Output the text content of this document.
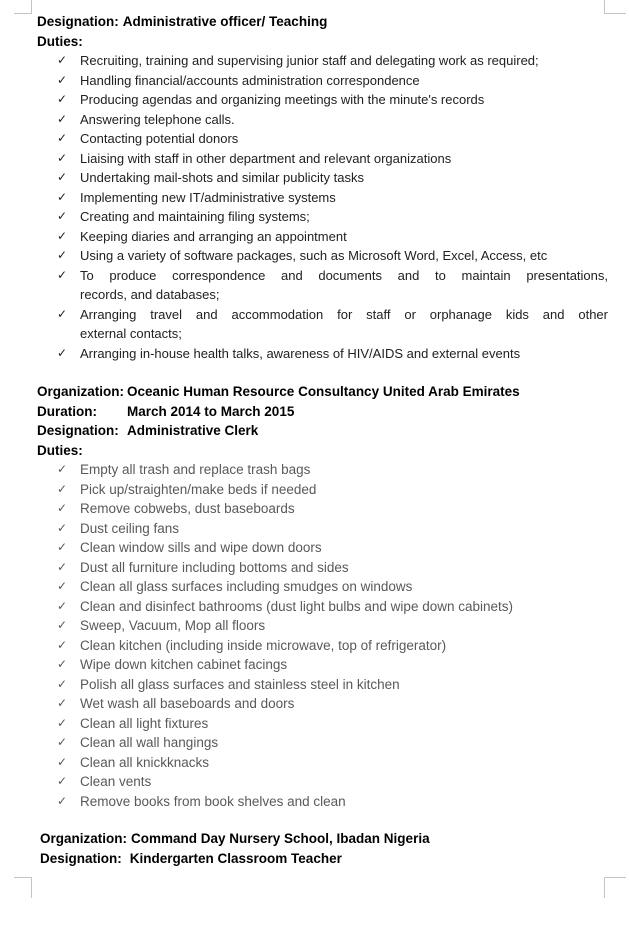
Designation: Administrative officer/ Teaching
Duties:
✓ Recruiting, training and supervising junior staff and delegating work as required;
✓ Handling financial/accounts administration correspondence
✓ Producing agendas and organizing meetings with the minute's records
✓ Answering telephone calls.
✓ Contacting potential donors
✓ Liaising with staff in other department and relevant organizations
✓ Undertaking mail-shots and similar publicity tasks
✓ Implementing new IT/administrative systems
✓ Creating and maintaining filing systems;
✓ Keeping diaries and arranging an appointment
✓ Using a variety of software packages, such as Microsoft Word, Excel, Access, etc
✓ To produce correspondence and documents and to maintain presentations,
records, and databases;
✓ Arranging travel and accommodation for staff or orphanage kids and other
external contacts;
✓ Arranging in-house health talks, awareness of HIV/AIDS and external events
Organization: Oceanic Human Resource Consultancy United Arab Emirates
Duration: March 2014 to March 2015
Designation: Administrative Clerk
Duties:
✓ Empty all trash and replace trash bags
✓ Pick up/straighten/make beds if needed
✓ Remove cobwebs, dust baseboards
✓ Dust ceiling fans
✓ Clean window sills and wipe down doors
✓ Dust all furniture including bottoms and sides
✓ Clean all glass surfaces including smudges on windows
✓ Clean and disinfect bathrooms (dust light bulbs and wipe down cabinets)
✓ Sweep, Vacuum, Mop all floors
✓ Clean kitchen (including inside microwave, top of refrigerator)
✓ Wipe down kitchen cabinet facings
✓ Polish all glass surfaces and stainless steel in kitchen
✓ Wet wash all baseboards and doors
✓ Clean all light fixtures
✓ Clean all wall hangings
✓ Clean all knickknacks
✓ Clean vents
✓ Remove books from book shelves and clean
Organization: Command Day Nursery School, Ibadan Nigeria
Designation: Kindergarten Classroom Teacher
